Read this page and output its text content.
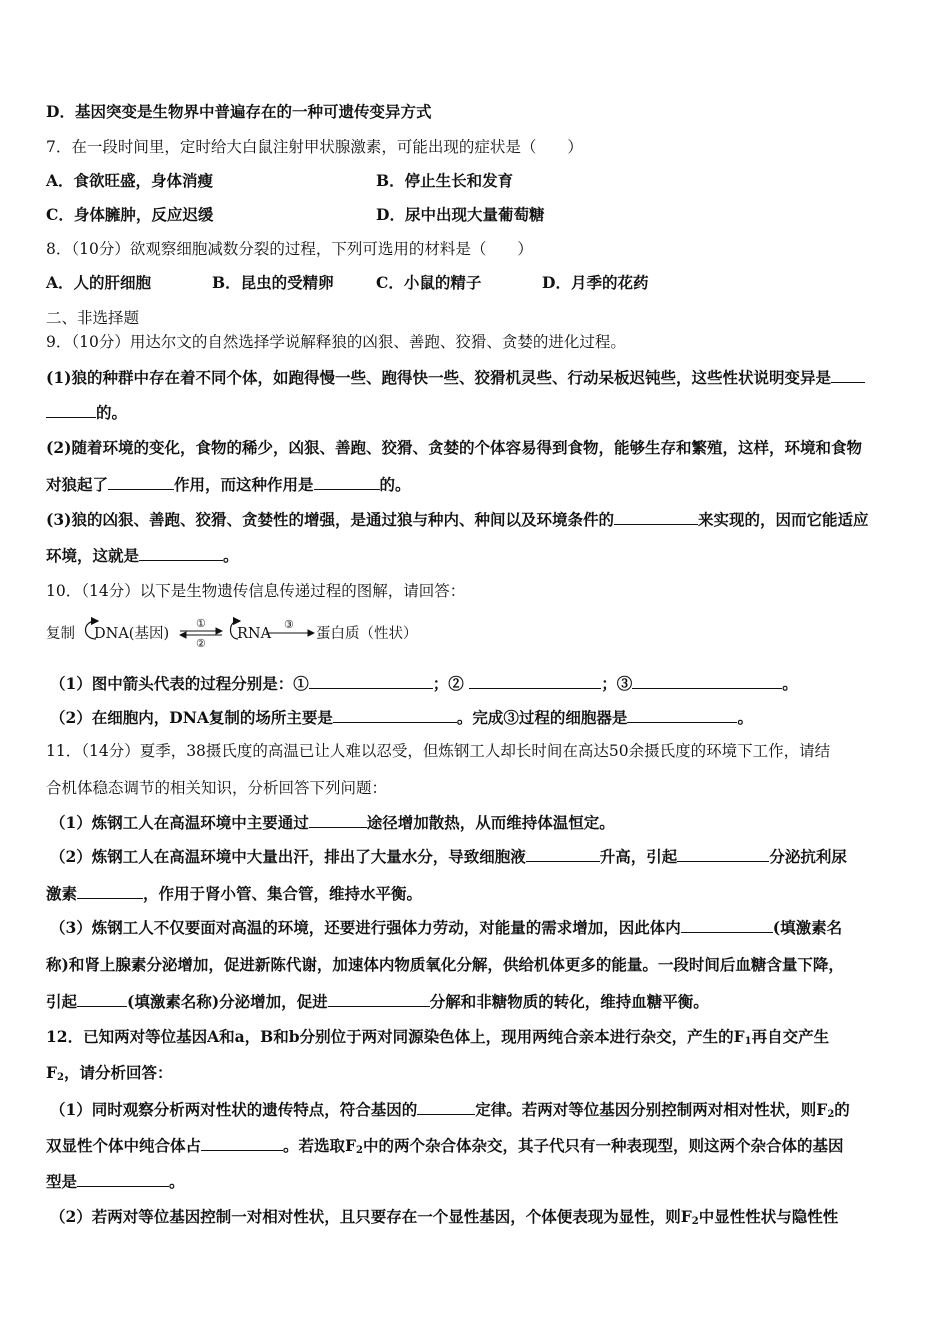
D．基因突变是生物界中普遍存在的一种可遗传变异方式
7．在一段时间里，定时给大白鼠注射甲状腺激素，可能出现的症状是（　　）
A．食欲旺盛，身体消瘦	B．停止生长和发育
C．身体臃肿，反应迟缓	D．尿中出现大量葡萄糖
8．（10分）欲观察细胞减数分裂的过程，下列可选用的材料是（　　）
A．人的肝细胞	B．昆虫的受精卵	C．小鼠的精子	D．月季的花药
二、非选择题
9．（10分）用达尔文的自然选择学说解释狼的凶狠、善跑、狡猾、贪婪的进化过程。
(1)狼的种群中存在着不同个体，如跑得慢一些、跑得快一些、狡猾机灵些、行动呆板迟钝些，这些性状说明变异是
的。
(2)随着环境的变化，食物的稀少，凶狠、善跑、狡猾、贪婪的个体容易得到食物，能够生存和繁殖，这样，环境和食物
对狼起了	作用，而这种作用是	的。
(3)狼的凶狠、善跑、狡猾、贪婪性的增强，是通过狼与种内、种间以及环境条件的	来实现的，因而它能适应
环境，这就是	。
10．（14分）以下是生物遗传信息传递过程的图解，请回答：
复制 DNA(基因)
①
②
RNA
③
蛋白质（性状）
（1）图中箭头代表的过程分别是：①	；②	；③	。
（2）在细胞内，DNA复制的场所主要是	。完成③过程的细胞器是	。
11．（14分）夏季，38摄氏度的高温已让人难以忍受，但炼钢工人却长时间在高达50余摄氏度的环境下工作，请结
合机体稳态调节的相关知识，分析回答下列问题：
（1）炼钢工人在高温环境中主要通过	途径增加散热，从而维持体温恒定。
（2）炼钢工人在高温环境中大量出汗，排出了大量水分，导致细胞液	升高，引起	分泌抗利尿
激素	，作用于肾小管、集合管，维持水平衡。
（3）炼钢工人不仅要面对高温的环境，还要进行强体力劳动，对能量的需求增加，因此体内	(填激素名
称)和肾上腺素分泌增加，促进新陈代谢，加速体内物质氧化分解，供给机体更多的能量。一段时间后血糖含量下降，
引起	(填激素名称)分泌增加，促进	分解和非糖物质的转化，维持血糖平衡。
12．已知两对等位基因A和a，B和b分别位于两对同源染色体上，现用两纯合亲本进行杂交，产生的$F_1$再自交产生
$F_2$，请分析回答：
（1）同时观察分析两对性状的遗传特点，符合基因的	定律。若两对等位基因分别控制两对相对性状，则$F_2$的
双显性个体中纯合体占	。若选取$F_2$中的两个杂合体杂交，其子代只有一种表现型，则这两个杂合体的基因
型是	。
（2）若两对等位基因控制一对相对性状，且只要存在一个显性基因，个体便表现为显性，则$F_2$中显性性状与隐性性
